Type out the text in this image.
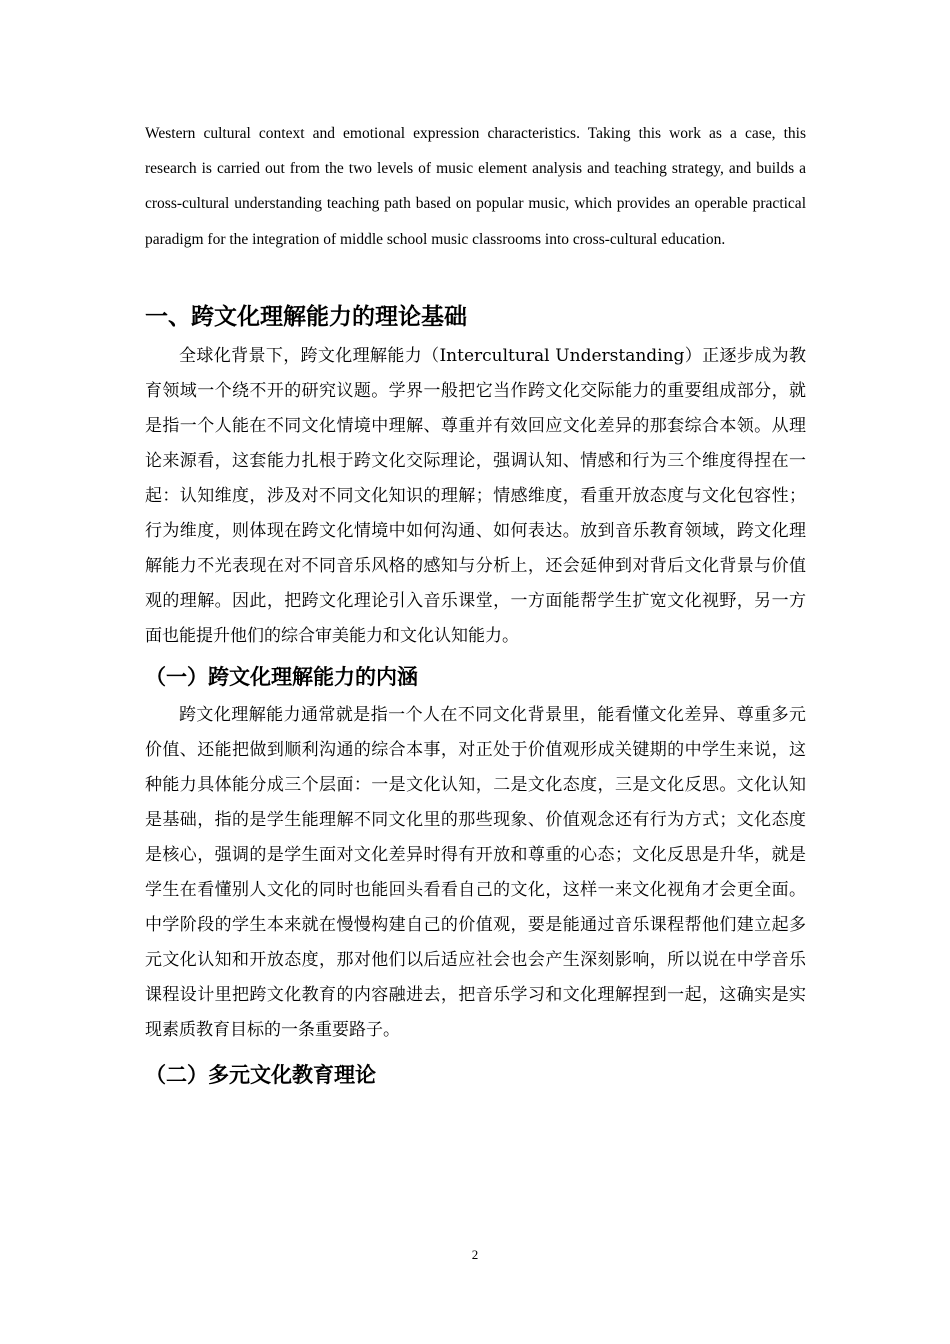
Western cultural context and emotional expression characteristics. Taking this work as a case, this research is carried out from the two levels of music element analysis and teaching strategy, and builds a cross-cultural understanding teaching path based on popular music, which provides an operable practical paradigm for the integration of middle school music classrooms into cross-cultural education.

一、跨文化理解能力的理论基础

全球化背景下，跨文化理解能力（Intercultural Understanding）正逐步成为教育领域一个绕不开的研究议题。学界一般把它当作跨文化交际能力的重要组成部分，就是指一个人能在不同文化情境中理解、尊重并有效回应文化差异的那套综合本领。从理论来源看，这套能力扎根于跨文化交际理论，强调认知、情感和行为三个维度得捏在一起：认知维度，涉及对不同文化知识的理解；情感维度，看重开放态度与文化包容性；行为维度，则体现在跨文化情境中如何沟通、如何表达。放到音乐教育领域，跨文化理解能力不光表现在对不同音乐风格的感知与分析上，还会延伸到对背后文化背景与价值观的理解。因此，把跨文化理论引入音乐课堂，一方面能帮学生扩宽文化视野，另一方面也能提升他们的综合审美能力和文化认知能力。

（一）跨文化理解能力的内涵

跨文化理解能力通常就是指一个人在不同文化背景里，能看懂文化差异、尊重多元价值、还能把做到顺利沟通的综合本事，对正处于价值观形成关键期的中学生来说，这种能力具体能分成三个层面：一是文化认知，二是文化态度，三是文化反思。文化认知是基础，指的是学生能理解不同文化里的那些现象、价值观念还有行为方式；文化态度是核心，强调的是学生面对文化差异时得有开放和尊重的心态；文化反思是升华，就是学生在看懂别人文化的同时也能回头看看自己的文化，这样一来文化视角才会更全面。中学阶段的学生本来就在慢慢构建自己的价值观，要是能通过音乐课程帮他们建立起多元文化认知和开放态度，那对他们以后适应社会也会产生深刻影响，所以说在中学音乐课程设计里把跨文化教育的内容融进去，把音乐学习和文化理解捏到一起，这确实是实现素质教育目标的一条重要路子。

（二）多元文化教育理论
2
